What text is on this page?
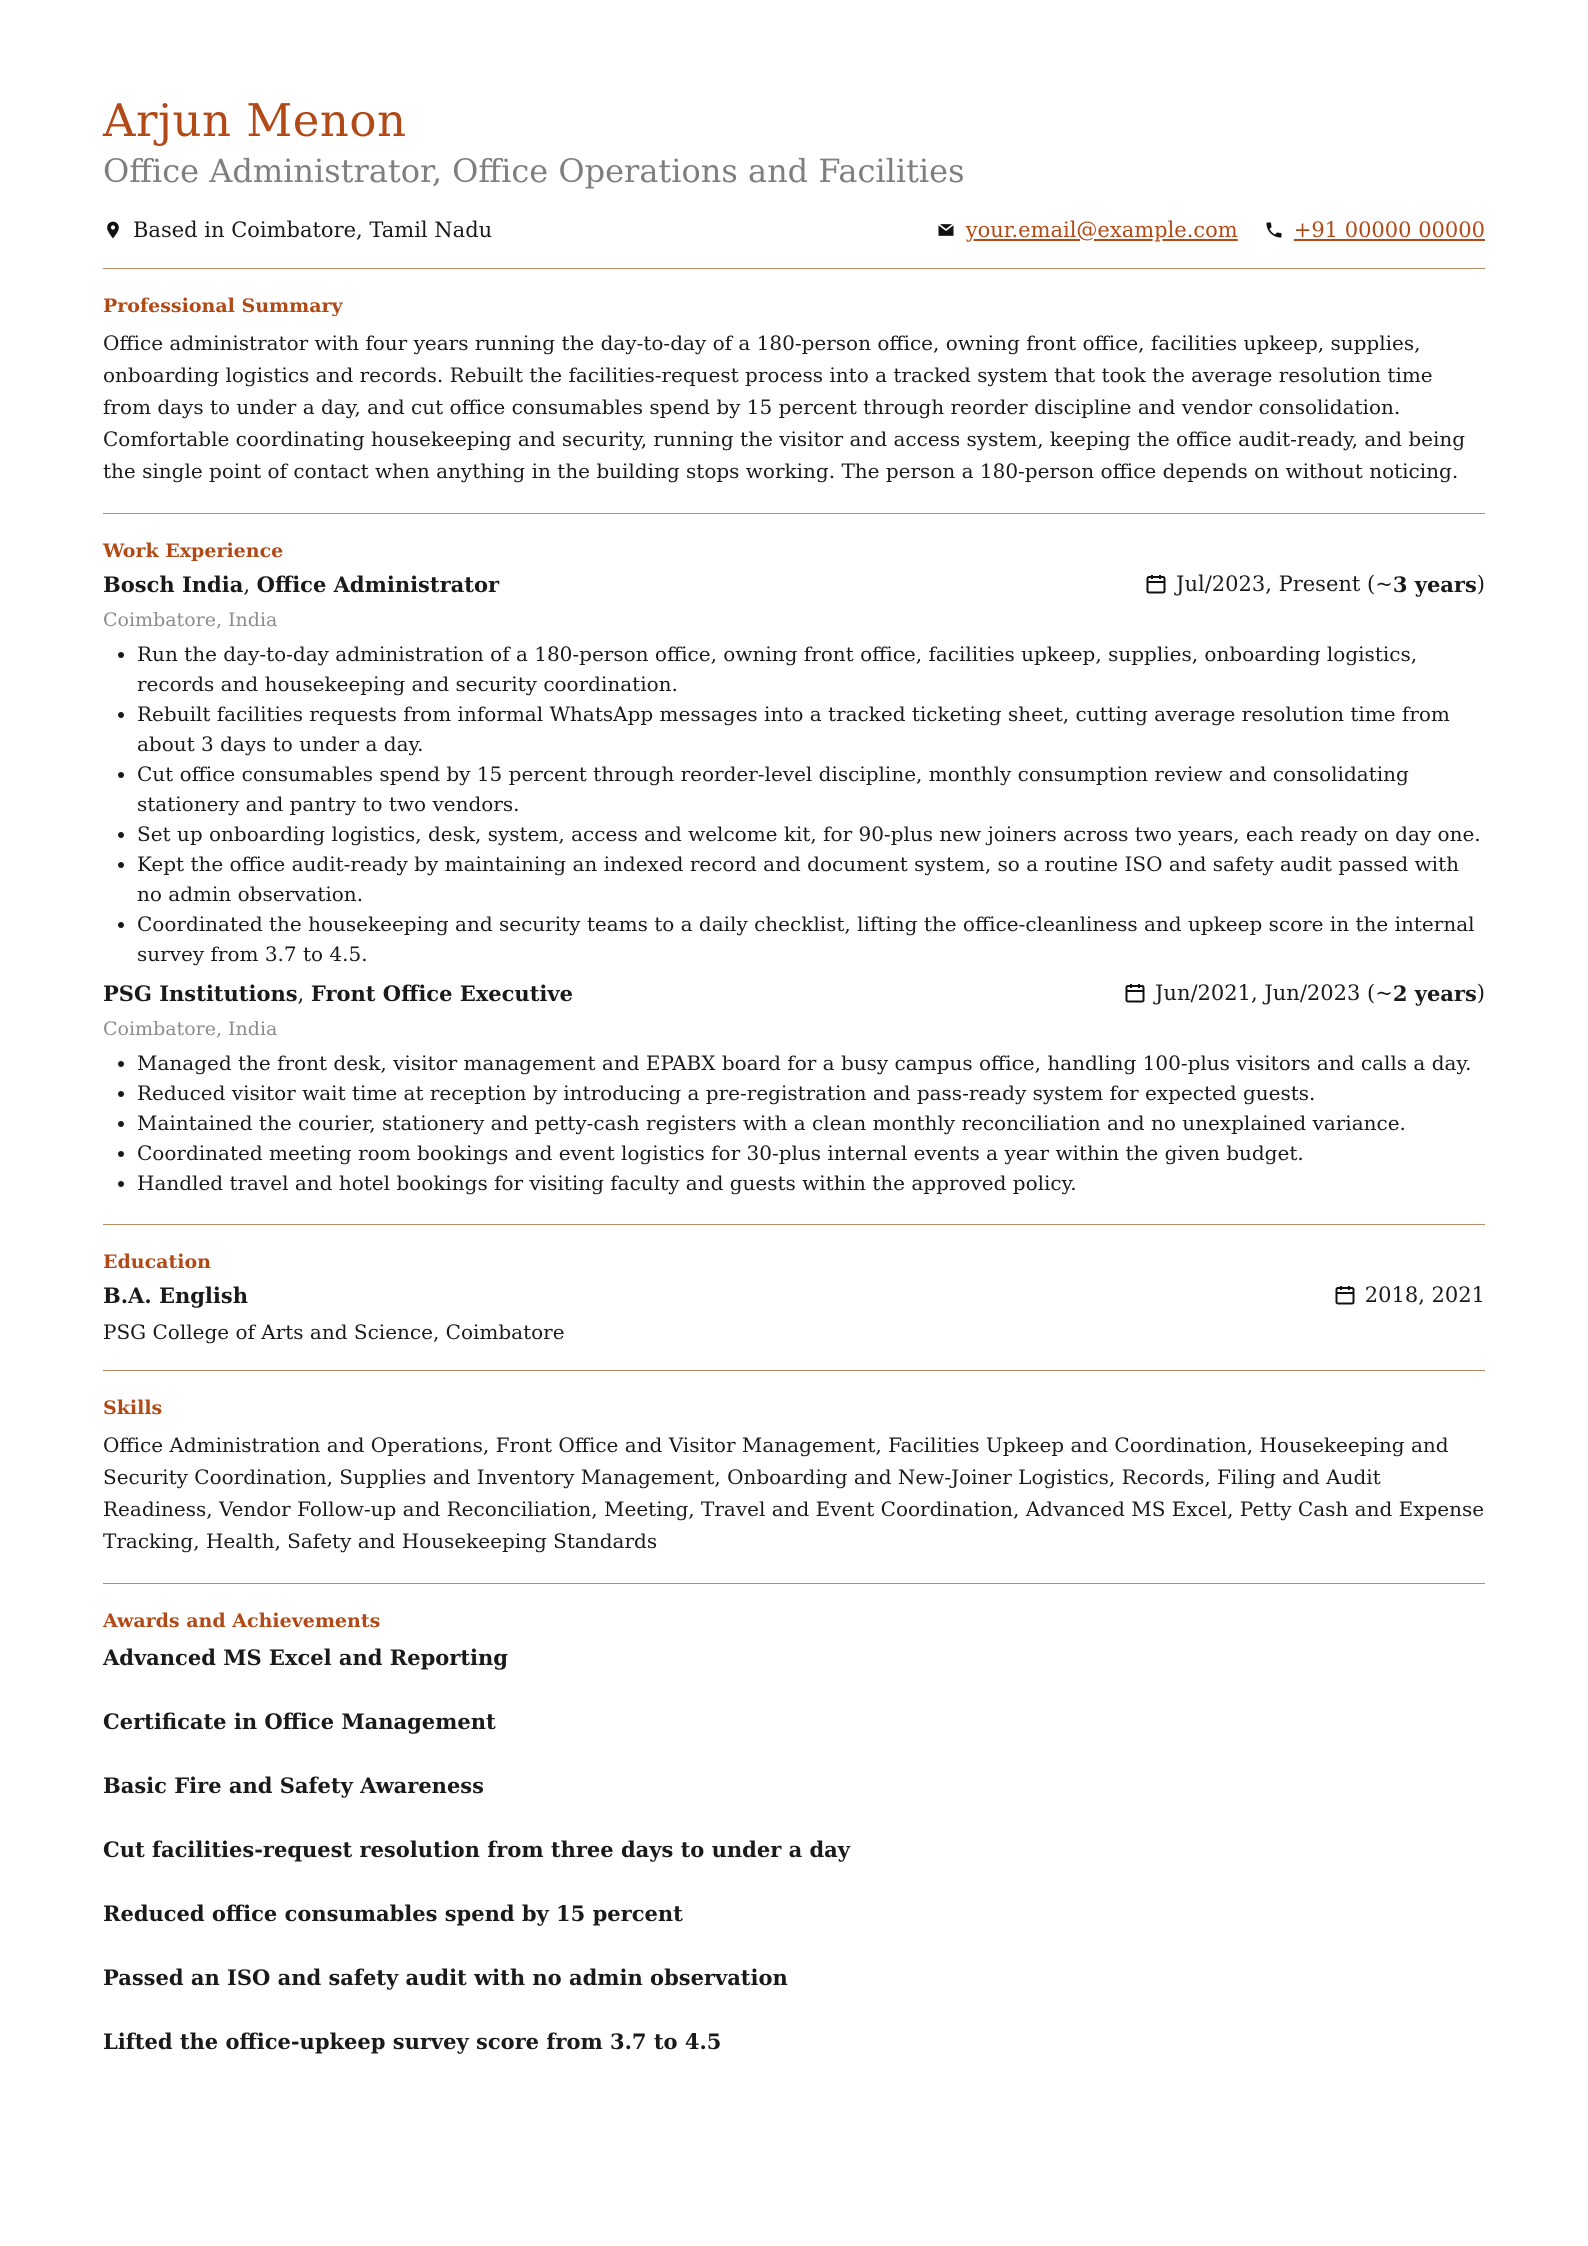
Arjun Menon
Office Administrator, Office Operations and Facilities
Based in Coimbatore, Tamil Nadu	your.email@example.com	+91 00000 00000
Professional Summary
Office administrator with four years running the day-to-day of a 180-person office, owning front office, facilities upkeep, supplies, onboarding logistics and records. Rebuilt the facilities-request process into a tracked system that took the average resolution time from days to under a day, and cut office consumables spend by 15 percent through reorder discipline and vendor consolidation. Comfortable coordinating housekeeping and security, running the visitor and access system, keeping the office audit-ready, and being the single point of contact when anything in the building stops working. The person a 180-person office depends on without noticing.
Work Experience
Bosch India, Office Administrator	Jul/2023, Present (~ 3 years )
Coimbatore, India
• Run the day-to-day administration of a 180-person office, owning front office, facilities upkeep, supplies, onboarding logistics, records and housekeeping and security coordination.
• Rebuilt facilities requests from informal WhatsApp messages into a tracked ticketing sheet, cutting average resolution time from about 3 days to under a day.
• Cut office consumables spend by 15 percent through reorder-level discipline, monthly consumption review and consolidating stationery and pantry to two vendors.
• Set up onboarding logistics, desk, system, access and welcome kit, for 90-plus new joiners across two years, each ready on day one.
• Kept the office audit-ready by maintaining an indexed record and document system, so a routine ISO and safety audit passed with no admin observation.
• Coordinated the housekeeping and security teams to a daily checklist, lifting the office-cleanliness and upkeep score in the internal survey from 3.7 to 4.5.
PSG Institutions, Front Office Executive	Jun/2021, Jun/2023 (~ 2 years )
Coimbatore, India
• Managed the front desk, visitor management and EPABX board for a busy campus office, handling 100-plus visitors and calls a day.
• Reduced visitor wait time at reception by introducing a pre-registration and pass-ready system for expected guests.
• Maintained the courier, stationery and petty-cash registers with a clean monthly reconciliation and no unexplained variance.
• Coordinated meeting room bookings and event logistics for 30-plus internal events a year within the given budget.
• Handled travel and hotel bookings for visiting faculty and guests within the approved policy.
Education
B.A. English	2018, 2021
PSG College of Arts and Science, Coimbatore
Skills
Office Administration and Operations, Front Office and Visitor Management, Facilities Upkeep and Coordination, Housekeeping and Security Coordination, Supplies and Inventory Management, Onboarding and New-Joiner Logistics, Records, Filing and Audit Readiness, Vendor Follow-up and Reconciliation, Meeting, Travel and Event Coordination, Advanced MS Excel, Petty Cash and Expense Tracking, Health, Safety and Housekeeping Standards
Awards and Achievements
Advanced MS Excel and Reporting
Certificate in Office Management
Basic Fire and Safety Awareness
Cut facilities-request resolution from three days to under a day
Reduced office consumables spend by 15 percent
Passed an ISO and safety audit with no admin observation
Lifted the office-upkeep survey score from 3.7 to 4.5
